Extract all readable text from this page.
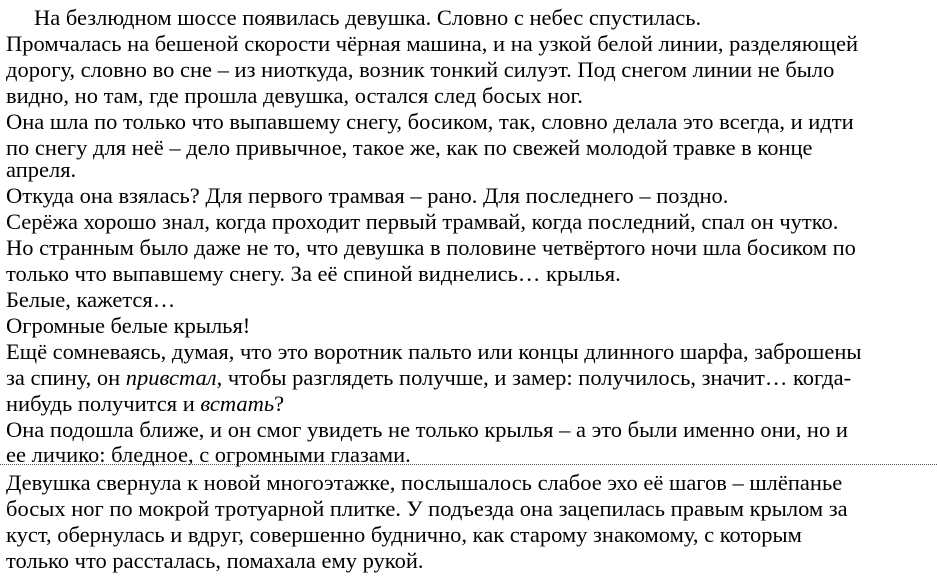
На безлюдном шоссе появилась девушка. Словно с небес спустилась.
Промчалась на бешеной скорости чёрная машина, и на узкой белой линии, разделяющей
дорогу, словно во сне – из ниоткуда, возник тонкий силуэт. Под снегом линии не было
видно, но там, где прошла девушка, остался след босых ног.
Она шла по только что выпавшему снегу, босиком, так, словно делала это всегда, и идти
по снегу для неё – дело привычное, такое же, как по свежей молодой травке в конце
апреля.
Откуда она взялась? Для первого трамвая – рано. Для последнего – поздно.
Серёжа хорошо знал, когда проходит первый трамвай, когда последний, спал он чутко.
Но странным было даже не то, что девушка в половине четвёртого ночи шла босиком по
только что выпавшему снегу. За её спиной виднелись… крылья.
Белые, кажется…
Огромные белые крылья!
Ещё сомневаясь, думая, что это воротник пальто или концы длинного шарфа, заброшены
за спину, он привстал, чтобы разглядеть получше, и замер: получилось, значит… когда-
нибудь получится и встать?
Она подошла ближе, и он смог увидеть не только крылья – а это были именно они, но и
ее личико: бледное, с огромными глазами.
Девушка свернула к новой многоэтажке, послышалось слабое эхо её шагов – шлёпанье
босых ног по мокрой тротуарной плитке. У подъезда она зацепилась правым крылом за
куст, обернулась и вдруг, совершенно буднично, как старому знакомому, с которым
только что рассталась, помахала ему рукой.
